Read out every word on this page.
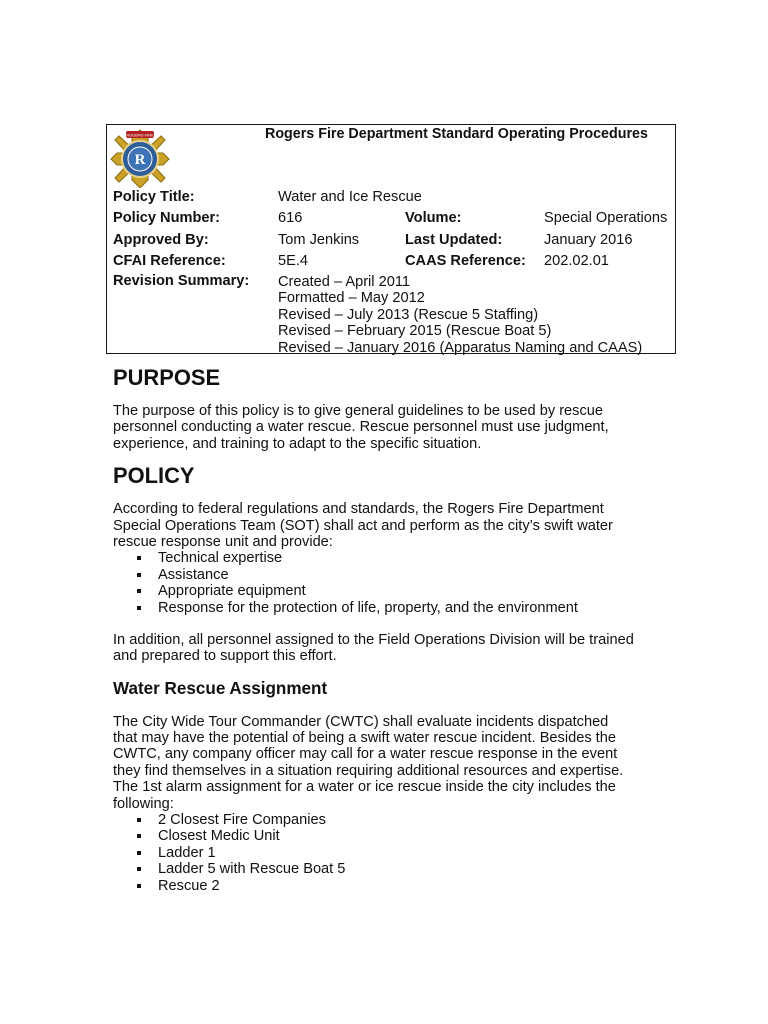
R
ROGERS FIRE	Rogers Fire Department Standard Operating Procedures
Policy Title:	Water and Ice Rescue
Policy Number:	616	Volume:	Special Operations
Approved By:	Tom Jenkins	Last Updated:	January 2016
CFAI Reference:	5E.4	CAAS Reference: 202.02.01
Revision Summary: Created – April 2011
Formatted – May 2012
Revised – July 2013 (Rescue 5 Staffing)
Revised – February 2015 (Rescue Boat 5)
Revised – January 2016 (Apparatus Naming and CAAS)
PURPOSE
The purpose of this policy is to give general guidelines to be used by rescue
personnel conducting a water rescue. Rescue personnel must use judgment,
experience, and training to adapt to the specific situation.
POLICY
According to federal regulations and standards, the Rogers Fire Department
Special Operations Team (SOT) shall act and perform as the city’s swift water
rescue response unit and provide:
Technical expertise
Assistance
Appropriate equipment
Response for the protection of life, property, and the environment
In addition, all personnel assigned to the Field Operations Division will be trained
and prepared to support this effort.
Water Rescue Assignment
The City Wide Tour Commander (CWTC) shall evaluate incidents dispatched
that may have the potential of being a swift water rescue incident. Besides the
CWTC, any company officer may call for a water rescue response in the event
they find themselves in a situation requiring additional resources and expertise.
The 1st alarm assignment for a water or ice rescue inside the city includes the
following:
2 Closest Fire Companies
Closest Medic Unit
Ladder 1
Ladder 5 with Rescue Boat 5
Rescue 2
